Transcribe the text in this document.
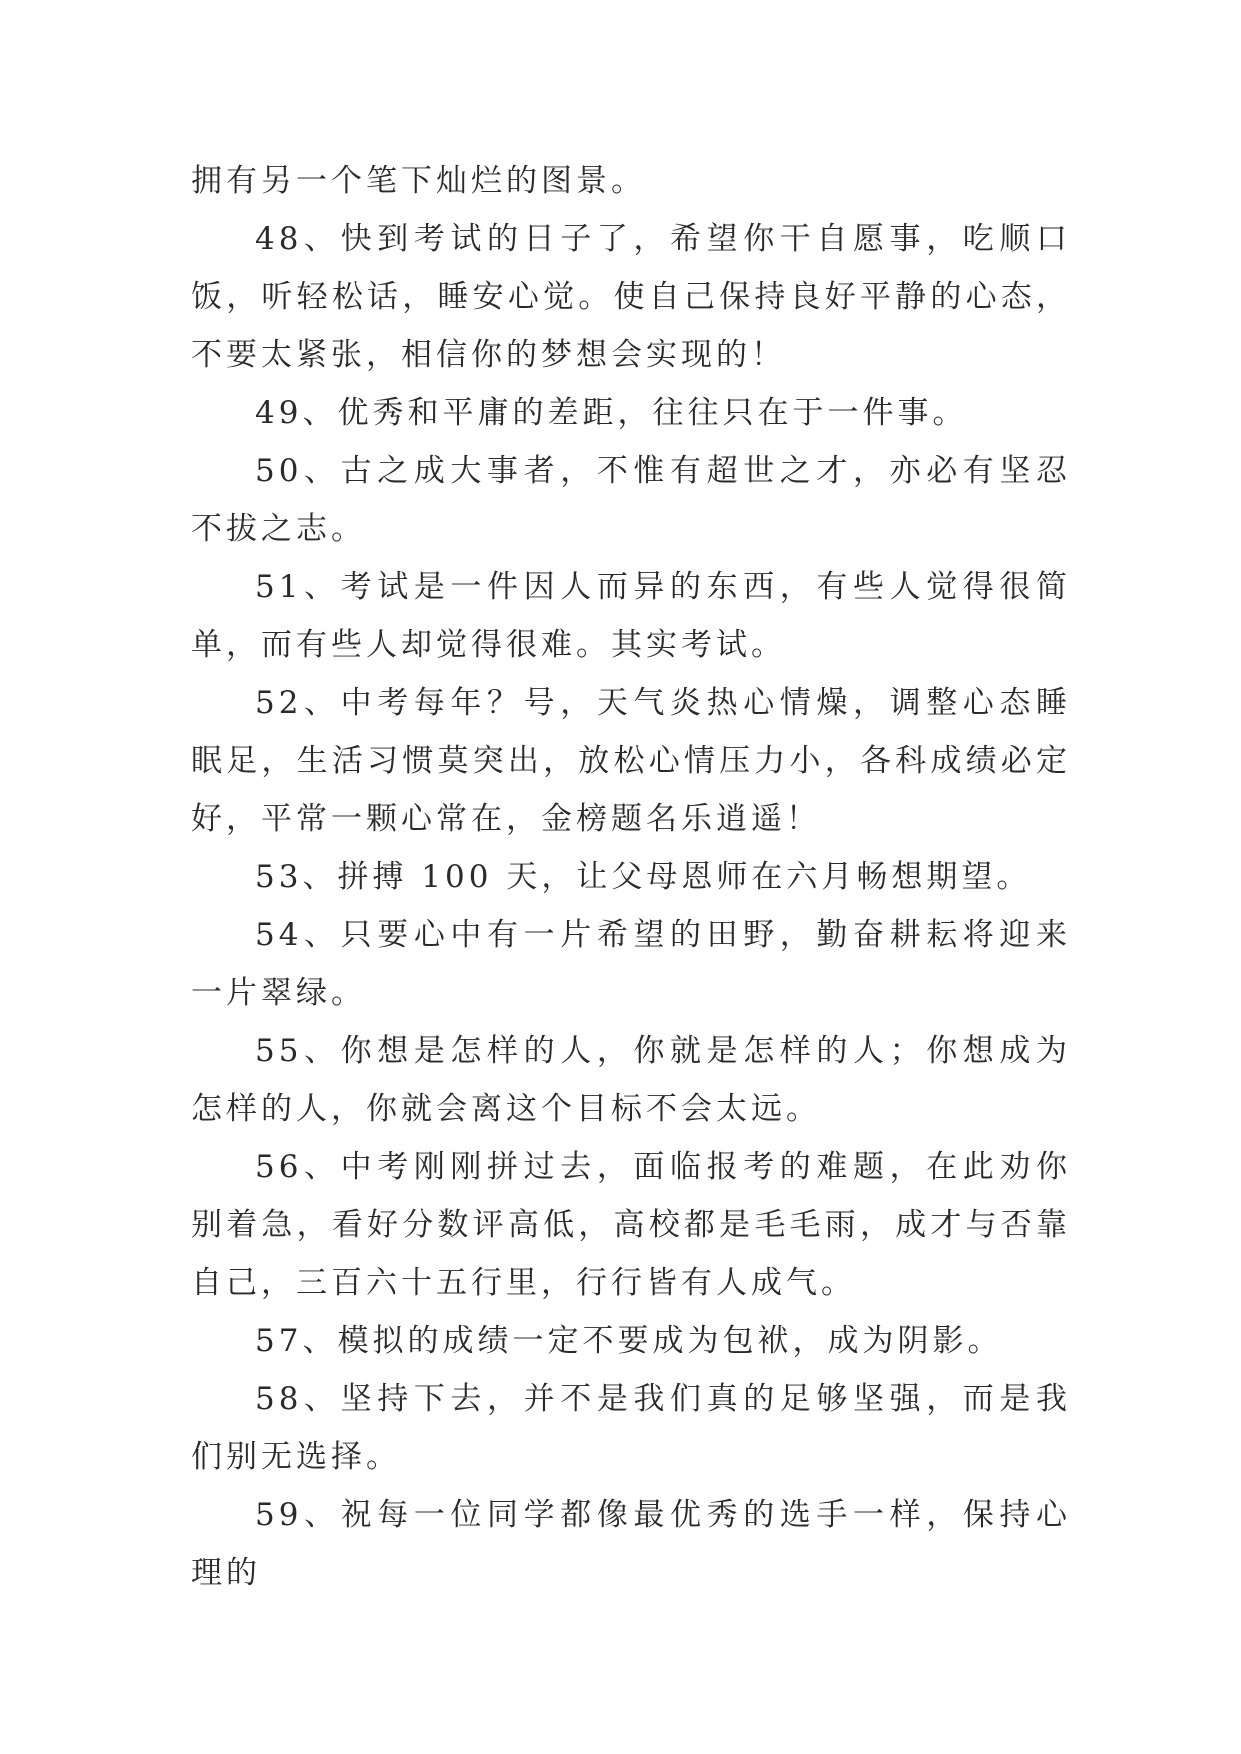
拥有另一个笔下灿烂的图景。

48、快到考试的日子了，希望你干自愿事，吃顺口饭，听轻松话，睡安心觉。使自己保持良好平静的心态，不要太紧张，相信你的梦想会实现的！

49、优秀和平庸的差距，往往只在于一件事。

50、古之成大事者，不惟有超世之才，亦必有坚忍不拔之志。

51、考试是一件因人而异的东西，有些人觉得很简单，而有些人却觉得很难。其实考试。

52、中考每年？号，天气炎热心情燥，调整心态睡眠足，生活习惯莫突出，放松心情压力小，各科成绩必定好，平常一颗心常在，金榜题名乐逍遥！

53、拼搏 100 天，让父母恩师在六月畅想期望。

54、只要心中有一片希望的田野，勤奋耕耘将迎来一片翠绿。

55、你想是怎样的人，你就是怎样的人；你想成为怎样的人，你就会离这个目标不会太远。

56、中考刚刚拼过去，面临报考的难题，在此劝你别着急，看好分数评高低，高校都是毛毛雨，成才与否靠自己，三百六十五行里，行行皆有人成气。

57、模拟的成绩一定不要成为包袱，成为阴影。

58、坚持下去，并不是我们真的足够坚强，而是我们别无选择。

59、祝每一位同学都像最优秀的选手一样，保持心理的
